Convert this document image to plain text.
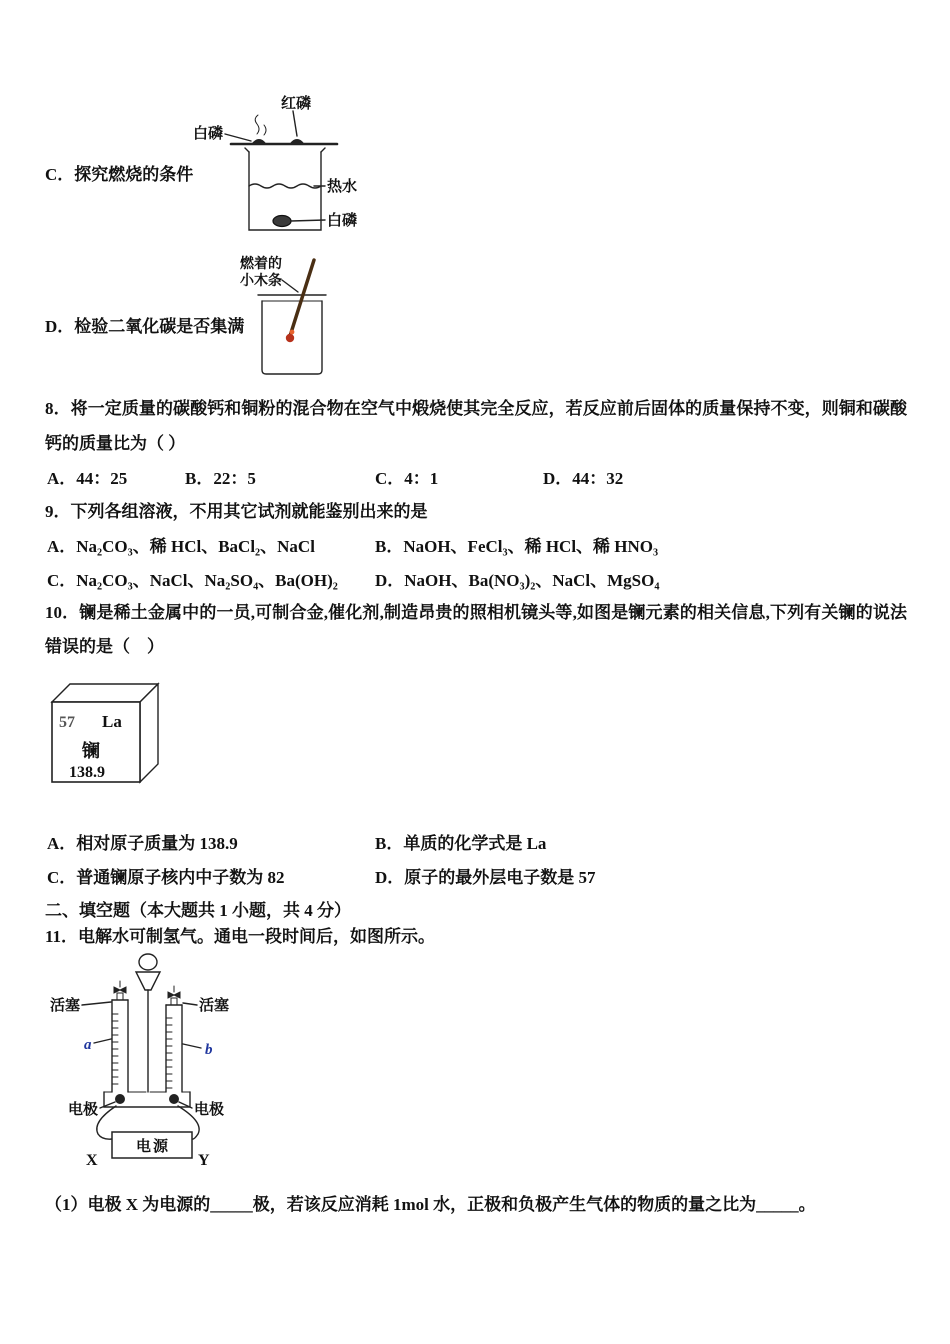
红磷
白磷
热水
白磷
C．探究燃烧的条件
燃着的
小木条
D．检验二氧化碳是否集满
8．将一定质量的碳酸钙和铜粉的混合物在空气中煅烧使其完全反应，若反应前后固体的质量保持不变，则铜和碳酸钙的质量比为（ ）
A．44：25	B．22：5	C．4：1	D．44：32
9．下列各组溶液，不用其它试剂就能鉴别出来的是
A．Na₂CO₃、稀 HCl、BaCl₂、NaCl	B．NaOH、FeCl₃、稀 HCl、稀 HNO₃
C．Na₂CO₃、NaCl、Na₂SO₄、Ba(OH)₂ D．NaOH、Ba(NO₃)₂、NaCl、MgSO₄
10．镧是稀土金属中的一员,可制合金,催化剂,制造昂贵的照相机镜头等,如图是镧元素的相关信息,下列有关镧的说法错误的是（　）
57 La
镧
138.9
A．相对原子质量为 138.9	B．单质的化学式是 La
C．普通镧原子核内中子数为 82	D．原子的最外层电子数是 57
二、填空题（本大题共 1 小题，共 4 分）
11．电解水可制氢气。通电一段时间后，如图所示。
活塞	活塞
a	b
电极	电极
电源
X	Y
（1）电极 X 为电源的_____极，若该反应消耗 1mol 水，正极和负极产生气体的物质的量之比为_____。
